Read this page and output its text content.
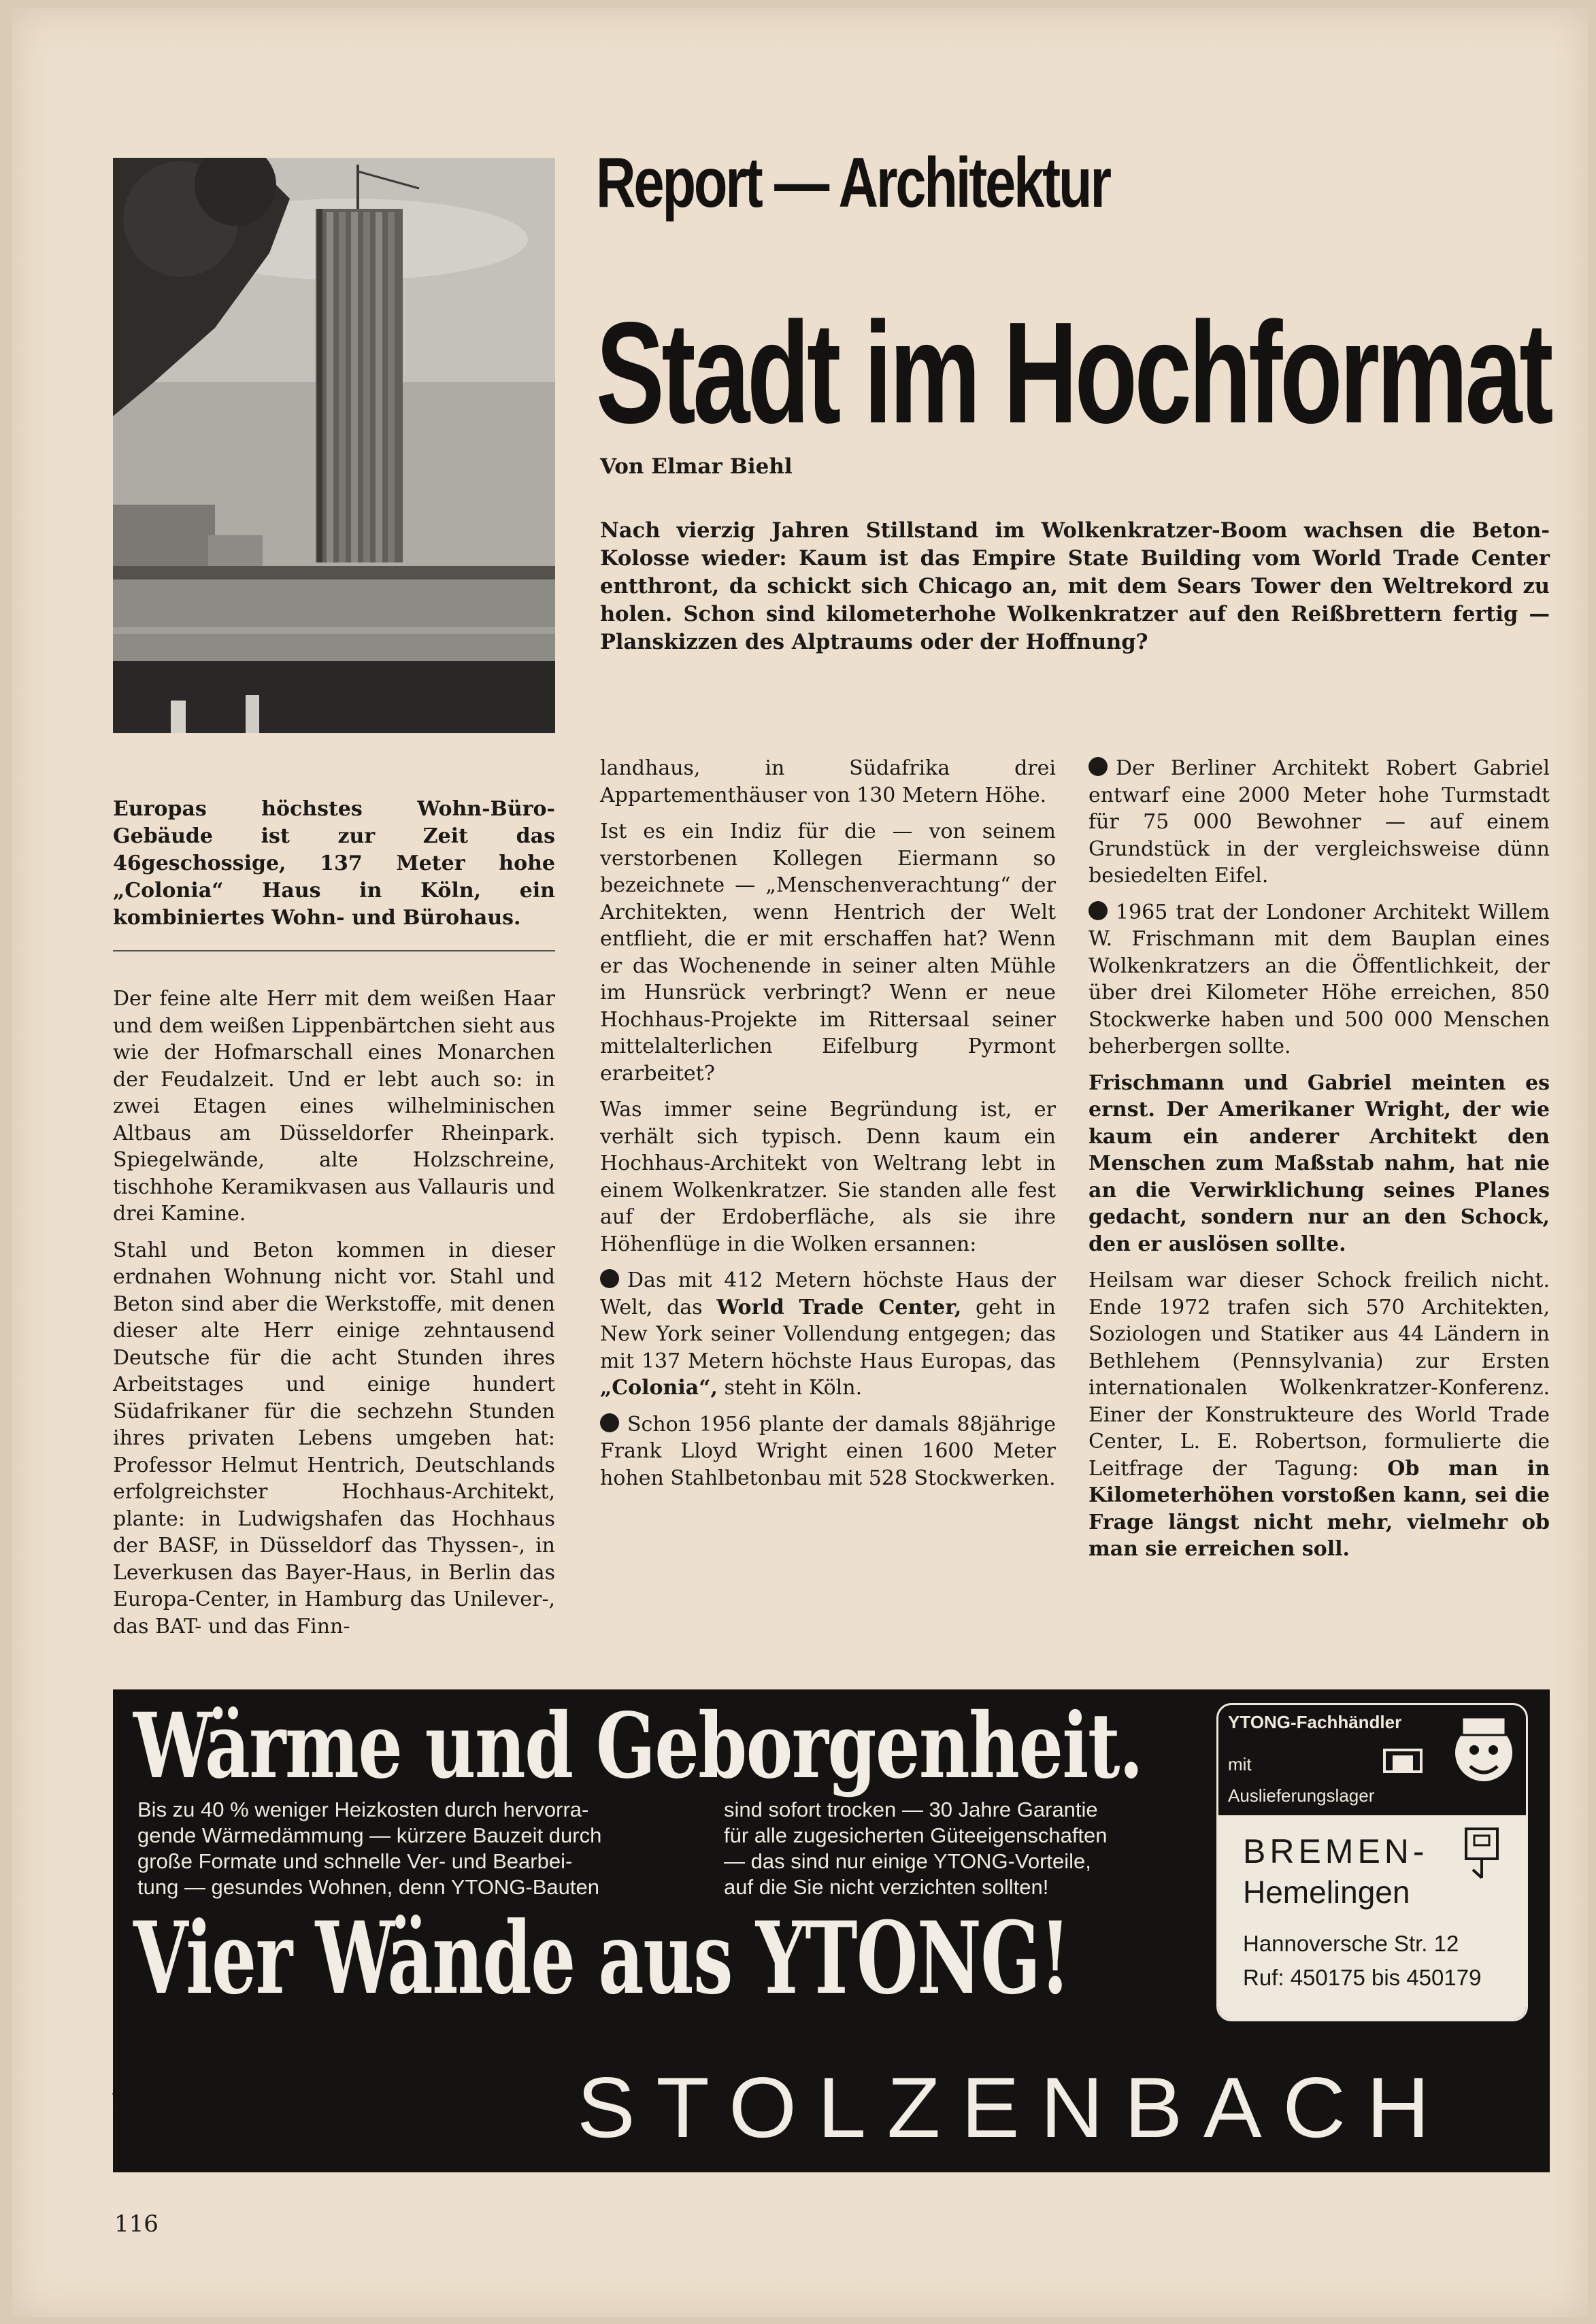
Report — Architektur
Stadt im Hochformat
Von Elmar Biehl
Nach vierzig Jahren Stillstand im Wolkenkratzer-Boom wachsen die Beton-Kolosse wieder: Kaum ist das Empire State Building vom World Trade Center entthront, da schickt sich Chicago an, mit dem Sears Tower den Weltrekord zu holen. Schon sind kilometerhohe Wolkenkratzer auf den Reißbrettern fertig — Planskizzen des Alptraums oder der Hoffnung?
Europas höchstes Wohn-Büro-Gebäude ist zur Zeit das 46geschossige, 137 Meter hohe „Colonia“ Haus in Köln, ein kombiniertes Wohn- und Bürohaus.

Der feine alte Herr mit dem weißen Haar und dem weißen Lippenbärtchen sieht aus wie der Hofmarschall eines Monarchen der Feudalzeit. Und er lebt auch so: in zwei Etagen eines wilhelminischen Altbaus am Düsseldorfer Rheinpark. Spiegelwände, alte Holzschreine, tischhohe Keramikvasen aus Vallauris und drei Kamine.

Stahl und Beton kommen in dieser erdnahen Wohnung nicht vor. Stahl und Beton sind aber die Werkstoffe, mit denen dieser alte Herr einige zehntausend Deutsche für die acht Stunden ihres Arbeitstages und einige hundert Südafrikaner für die sechzehn Stunden ihres privaten Lebens umgeben hat: Professor Helmut Hentrich, Deutschlands erfolgreichster Hochhaus-Architekt, plante: in Ludwigshafen das Hochhaus der BASF, in Düsseldorf das Thyssen-, in Leverkusen das Bayer-Haus, in Berlin das Europa-Center, in Hamburg das Unilever-, das BAT- und das Finn-

landhaus, in Südafrika drei Appartementhäuser von 130 Metern Höhe.

Ist es ein Indiz für die — von seinem verstorbenen Kollegen Eiermann so bezeichnete — „Menschenverachtung“ der Architekten, wenn Hentrich der Welt entflieht, die er mit erschaffen hat? Wenn er das Wochenende in seiner alten Mühle im Hunsrück verbringt? Wenn er neue Hochhaus-Projekte im Rittersaal seiner mittelalterlichen Eifelburg Pyrmont erarbeitet?

Was immer seine Begründung ist, er verhält sich typisch. Denn kaum ein Hochhaus-Architekt von Weltrang lebt in einem Wolkenkratzer. Sie standen alle fest auf der Erdoberfläche, als sie ihre Höhenflüge in die Wolken ersannen:

Das mit 412 Metern höchste Haus der Welt, das World Trade Center, geht in New York seiner Vollendung entgegen; das mit 137 Metern höchste Haus Europas, das „Colonia“, steht in Köln.

Schon 1956 plante der damals 88jährige Frank Lloyd Wright einen 1600 Meter hohen Stahlbetonbau mit 528 Stockwerken.

Der Berliner Architekt Robert Gabriel entwarf eine 2000 Meter hohe Turmstadt für 75 000 Bewohner — auf einem Grundstück in der vergleichsweise dünn besiedelten Eifel.

1965 trat der Londoner Architekt Willem W. Frischmann mit dem Bauplan eines Wolkenkratzers an die Öffentlichkeit, der über drei Kilometer Höhe erreichen, 850 Stockwerke haben und 500 000 Menschen beherbergen sollte.

Frischmann und Gabriel meinten es ernst. Der Amerikaner Wright, der wie kaum ein anderer Architekt den Menschen zum Maßstab nahm, hat nie an die Verwirklichung seines Planes gedacht, sondern nur an den Schock, den er auslösen sollte.

Heilsam war dieser Schock freilich nicht. Ende 1972 trafen sich 570 Architekten, Soziologen und Statiker aus 44 Ländern in Bethlehem (Pennsylvania) zur Ersten internationalen Wolkenkratzer-Konferenz. Einer der Konstrukteure des World Trade Center, L. E. Robertson, formulierte die Leitfrage der Tagung: Ob man in Kilometerhöhen vorstoßen kann, sei die Frage längst nicht mehr, vielmehr ob man sie erreichen soll.

Wärme und Geborgenheit.
Bis zu 40 % weniger Heizkosten durch hervorra-
gende Wärmedämmung — kürzere Bauzeit durch
große Formate und schnelle Ver- und Bearbei-
tung — gesundes Wohnen, denn YTONG-Bauten
sind sofort trocken — 30 Jahre Garantie
für alle zugesicherten Güteeigenschaften
— das sind nur einige YTONG-Vorteile,
auf die Sie nicht verzichten sollten!
Vier Wände aus YTONG!
YTONG-Fachhändler
mit
Auslieferungslager
BREMEN-
Hemelingen
Hannoversche Str. 12
Ruf: 450175 bis 450179
YTONG-FACHHÄNDLER
STOLZENBACH
116
